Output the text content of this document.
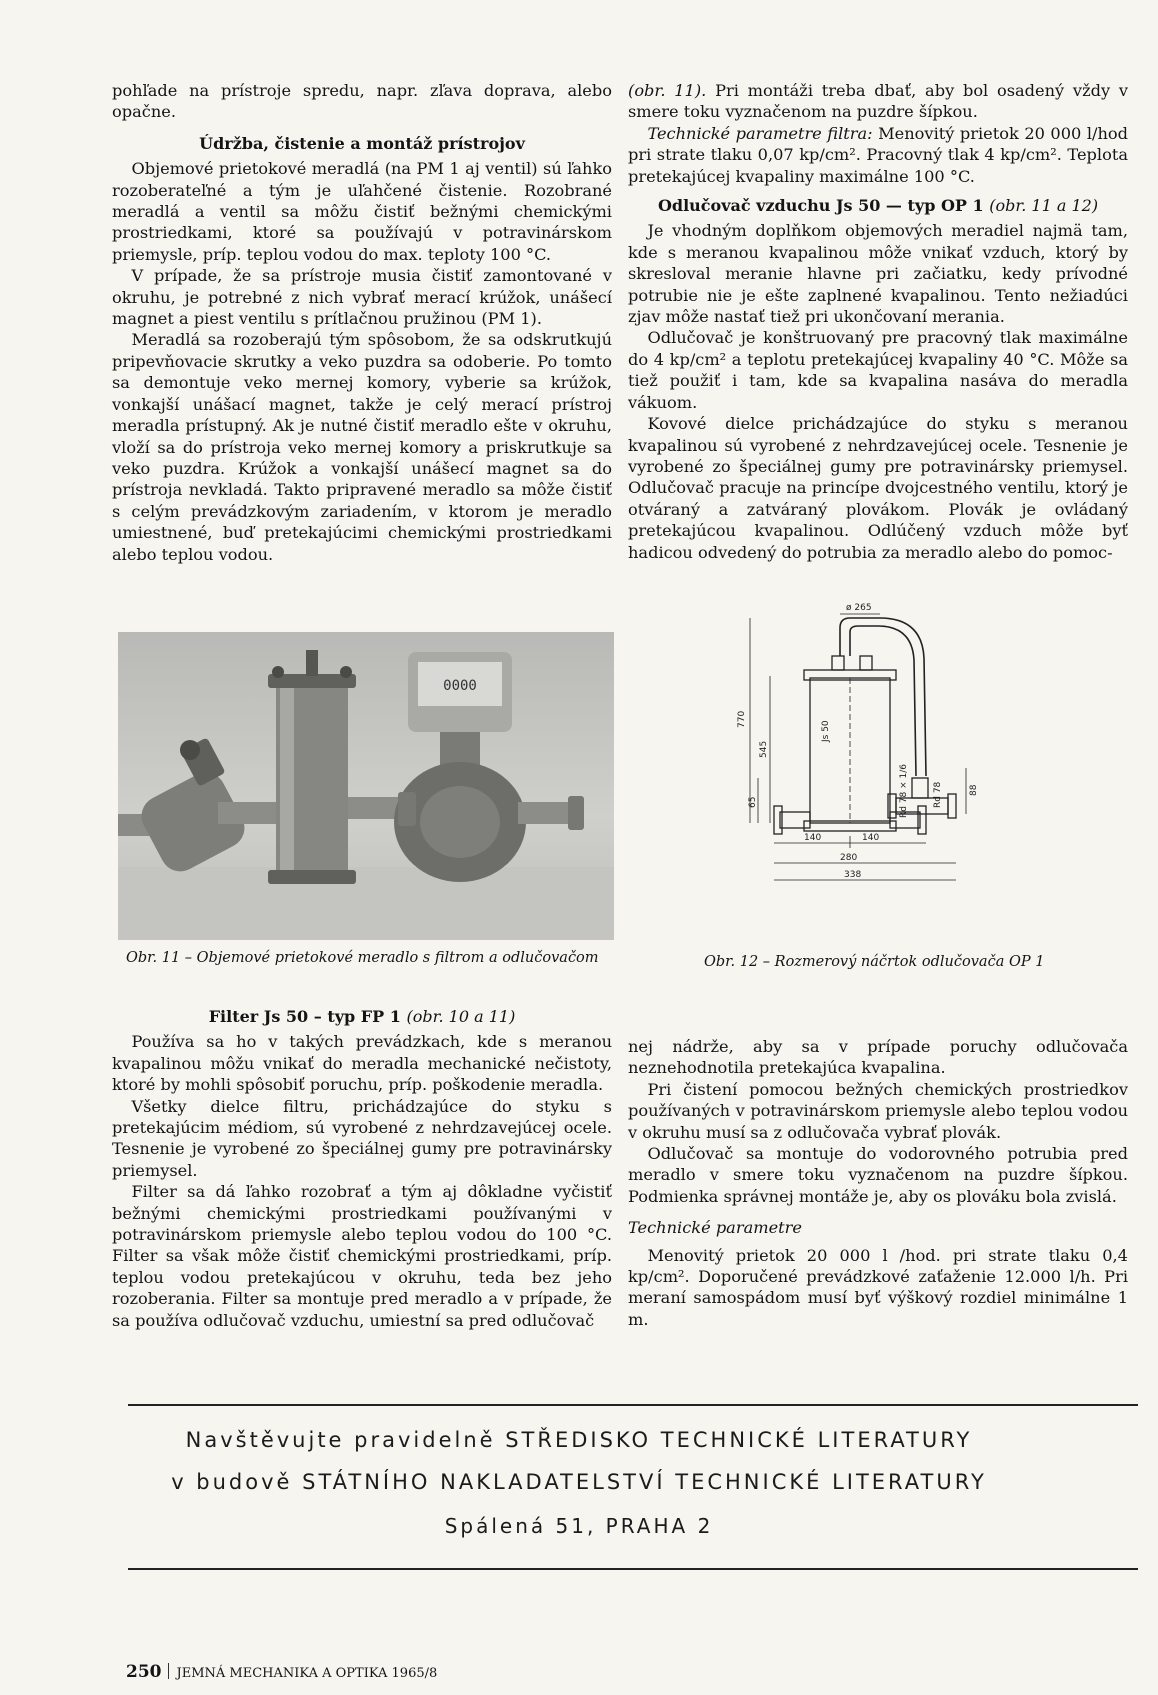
pohľade na prístroje spredu, napr. zľava doprava, alebo opačne.

Údržba, čistenie a montáž prístrojov

Objemové prietokové meradlá (na PM 1 aj ventil) sú ľahko rozoberateľné a tým je uľahčené čistenie. Rozobrané meradlá a ventil sa môžu čistiť bežnými chemickými prostriedkami, ktoré sa používajú v potravinárskom priemysle, príp. teplou vodou do max. teploty 100 °C.

V prípade, že sa prístroje musia čistiť zamontované v okruhu, je potrebné z nich vybrať merací krúžok, unášecí magnet a piest ventilu s prítlačnou pružinou (PM 1).

Meradlá sa rozoberajú tým spôsobom, že sa odskrutkujú pripevňovacie skrutky a veko puzdra sa odoberie. Po tomto sa demontuje veko mernej komory, vyberie sa krúžok, vonkajší unášací magnet, takže je celý merací prístroj meradla prístupný. Ak je nutné čistiť meradlo ešte v okruhu, vloží sa do prístroja veko mernej komory a priskrutkuje sa veko puzdra. Krúžok a vonkajší unášecí magnet sa do prístroja nevkladá. Takto pripravené meradlo sa môže čistiť s celým prevádzkovým zariadením, v ktorom je meradlo umiestnené, buď pretekajúcimi chemickými prostriedkami alebo teplou vodou.

(obr. 11). Pri montáži treba dbať, aby bol osadený vždy v smere toku vyznačenom na puzdre šípkou.

Technické parametre filtra: Menovitý prietok 20 000 l/hod pri strate tlaku 0,07 kp/cm². Pracovný tlak 4 kp/cm². Teplota pretekajúcej kvapaliny maximálne 100 °C.

Odlučovač vzduchu Js 50 — typ OP 1 (obr. 11 a 12)

Je vhodným doplňkom objemových meradiel najmä tam, kde s meranou kvapalinou môže vnikať vzduch, ktorý by skresloval meranie hlavne pri začiatku, kedy prívodné potrubie nie je ešte zaplnené kvapalinou. Tento nežiadúci zjav môže nastať tiež pri ukončovaní merania.

Odlučovač je konštruovaný pre pracovný tlak maximálne do 4 kp/cm² a teplotu pretekajúcej kvapaliny 40 °C. Môže sa tiež použiť i tam, kde sa kvapalina nasáva do meradla vákuom.

Kovové dielce prichádzajúce do styku s meranou kvapalinou sú vyrobené z nehrdzavejúcej ocele. Tesnenie je vyrobené zo špeciálnej gumy pre potravinársky priemysel. Odlučovač pracuje na princípe dvojcestného ventilu, ktorý je otváraný a zatváraný plovákom. Plovák je ovládaný pretekajúcou kvapalinou. Odlúčený vzduch môže byť hadicou odvedený do potrubia za meradlo alebo do pomoc-

0000
Obr. 11 – Objemové prietokové meradlo s filtrom a odlučovačom
ø 265
770
545
65
140	140
280
338
Js 50
Rd 78 × 1/6	Rd 78	88
Obr. 12 – Rozmerový náčrtok odlučovača OP 1
Filter Js 50 – typ FP 1 (obr. 10 a 11)

Používa sa ho v takých prevádzkach, kde s meranou kvapalinou môžu vnikať do meradla mechanické nečistoty, ktoré by mohli spôsobiť poruchu, príp. poškodenie meradla.

Všetky dielce filtru, prichádzajúce do styku s pretekajúcim médiom, sú vyrobené z nehrdzavejúcej ocele. Tesnenie je vyrobené zo špeciálnej gumy pre potravinársky priemysel.

Filter sa dá ľahko rozobrať a tým aj dôkladne vyčistiť bežnými chemickými prostriedkami používanými v potravinárskom priemysle alebo teplou vodou do 100 °C. Filter sa však môže čistiť chemickými prostriedkami, príp. teplou vodou pretekajúcou v okruhu, teda bez jeho rozoberania. Filter sa montuje pred meradlo a v prípade, že sa používa odlučovač vzduchu, umiestní sa pred odlučovač

nej nádrže, aby sa v prípade poruchy odlučovača neznehodnotila pretekajúca kvapalina.

Pri čistení pomocou bežných chemických prostriedkov používaných v potravinárskom priemysle alebo teplou vodou v okruhu musí sa z odlučovača vybrať plovák.

Odlučovač sa montuje do vodorovného potrubia pred meradlo v smere toku vyznačenom na puzdre šípkou. Podmienka správnej montáže je, aby os plováku bola zvislá.

Technické parametre

Menovitý prietok 20 000 l /hod. pri strate tlaku 0,4 kp/cm². Doporučené prevádzkové zaťaženie 12.000 l/h. Pri meraní samospádom musí byť výškový rozdiel minimálne 1 m.

Navštěvujte pravidelně STŘEDISKO TECHNICKÉ LITERATURY
v budově STÁTNÍHO NAKLADATELSTVÍ TECHNICKÉ LITERATURY
Spálená 51, PRAHA 2
250 JEMNÁ MECHANIKA A OPTIKA 1965/8
